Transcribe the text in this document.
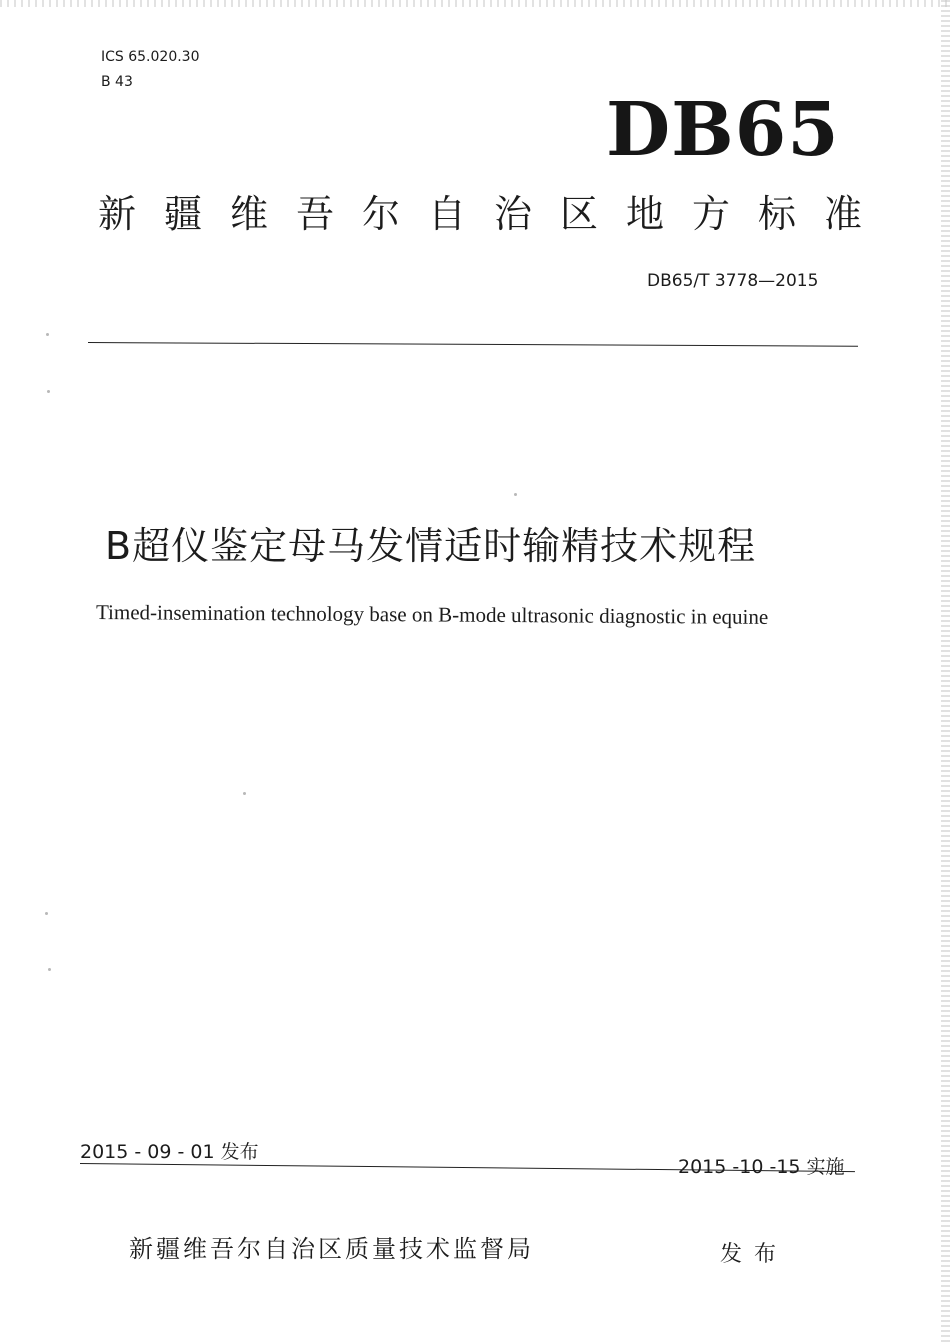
ICS 65.020.30
B 43
DB65
新疆维吾尔自治区地方标准
DB65/T 3778—2015
B超仪鉴定母马发情适时输精技术规程
Timed-insemination technology base on B-mode ultrasonic diagnostic in equine
2015 - 09 - 01 发布
2015 -10 -15 实施
新疆维吾尔自治区质量技术监督局	发布
